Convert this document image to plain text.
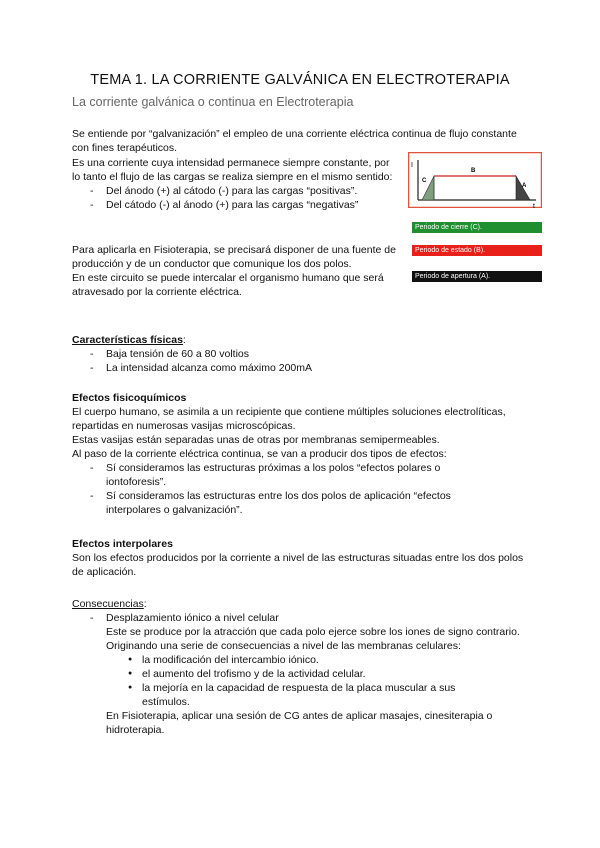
TEMA 1. LA CORRIENTE GALVÁNICA EN ELECTROTERAPIA
La corriente galvánica o continua en Electroterapia

Se entiende por “galvanización” el empleo de una corriente eléctrica continua de flujo constante con fines terapéuticos.

Es una corriente cuya intensidad permanece siempre constante, por lo tanto el flujo de las cargas se realiza siempre en el mismo sentido:

- Del ánodo (+) al cátodo (-) para las cargas “positivas”.
- Del cátodo (-) al ánodo (+) para las cargas “negativas”

Para aplicarla en Fisioterapia, se precisará disponer de una fuente de producción y de un conductor que comunique los dos polos.

En este circuito se puede intercalar el organismo humano que será atravesado por la corriente eléctrica.

I
t
C
B
A
Periodo de cierre (C).
Periodo de estado (B).
Periodo de apertura (A).

Características físicas:

- Baja tensión de 60 a 80 voltios
- La intensidad alcanza como máximo 200mA

Efectos fisicoquímicos

El cuerpo humano, se asimila a un recipiente que contiene múltiples soluciones electrolíticas, repartidas en numerosas vasijas microscópicas.

Estas vasijas están separadas unas de otras por membranas semipermeables.

Al paso de la corriente eléctrica continua, se van a producir dos tipos de efectos:

- Sí consideramos las estructuras próximas a los polos “efectos polares o iontoforesis”.
- Sí consideramos las estructuras entre los dos polos de aplicación “efectos interpolares o galvanización”.

Efectos interpolares

Son los efectos producidos por la corriente a nivel de las estructuras situadas entre los dos polos de aplicación.

Consecuencias:

- Desplazamiento iónico a nivel celular

Este se produce por la atracción que cada polo ejerce sobre los iones de signo contrario.

Originando una serie de consecuencias a nivel de las membranas celulares:

● la modificación del intercambio iónico.
● el aumento del trofismo y de la actividad celular.
● la mejoría en la capacidad de respuesta de la placa muscular a sus estímulos.

En Fisioterapia, aplicar una sesión de CG antes de aplicar masajes, cinesiterapia o hidroterapia.
